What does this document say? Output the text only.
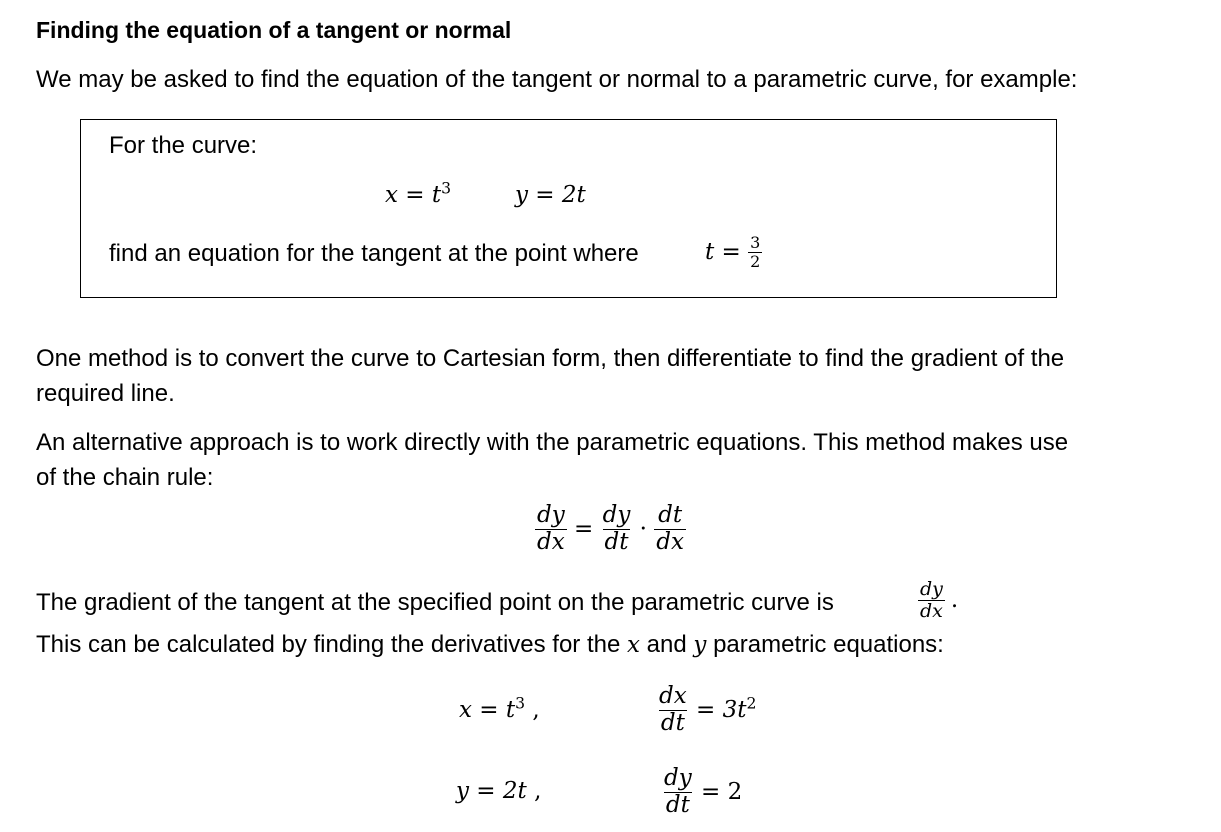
Finding the equation of a tangent or normal
We may be asked to find the equation of the tangent or normal to a parametric curve, for example:
For the curve:
$x = t^3$	y = 2t
find an equation for the tangent at the point where	$t = \frac{3}{2}$
One method is to convert the curve to Cartesian form, then differentiate to find the gradient of the
required line.
An alternative approach is to work directly with the parametric equations. This method makes use
of the chain rule:
$\frac{dy}{dx} = \frac{dy}{dt} \cdot \frac{dt}{dx}$
The gradient of the tangent at the specified point on the parametric curve is	$\frac{dy}{dx}$ .
This can be calculated by finding the derivatives for the x and y parametric equations:
$x = t^3$ ,	$\frac{dx}{dt} = 3t^2$
y = 2t ,	$\frac{dy}{dt} = 2$
